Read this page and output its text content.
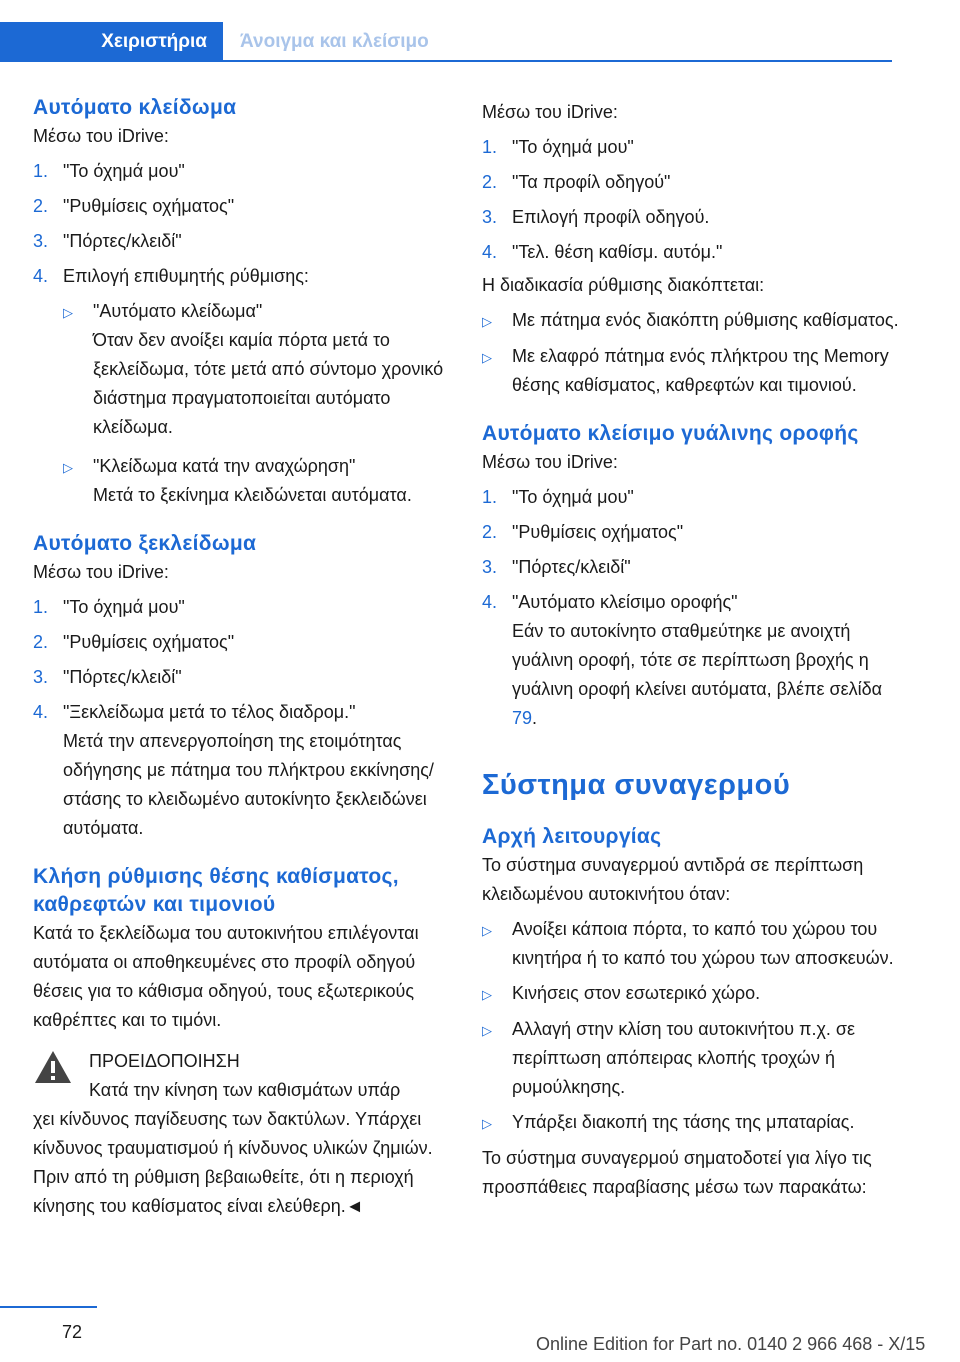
Χειριστήρια	Άνοιγμα και κλείσιμο
Αυτόματο κλείδωμα

Μέσω του iDrive:

1. "Το όχημά μου"
2. "Ρυθμίσεις οχήματος"
3. "Πόρτες/κλειδί"
4. Επιλογή επιθυμητής ρύθμισης:
▷	"Αυτόματο κλείδωμα"

Όταν δεν ανοίξει καμία πόρτα μετά το ξεκλείδωμα, τότε μετά από σύντομο χρονικό διάστημα πραγματοποιείται αυτόματο κλείδωμα.

▷	"Κλείδωμα κατά την αναχώρηση"

Μετά το ξεκίνημα κλειδώνεται αυτόματα.

Αυτόματο ξεκλείδωμα

Μέσω του iDrive:

1. "Το όχημά μου"
2. "Ρυθμίσεις οχήματος"
3. "Πόρτες/κλειδί"
4. "Ξεκλείδωμα μετά το τέλος διαδρομ."

Μετά την απενεργοποίηση της ετοιμότητας οδήγησης με πάτημα του πλήκτρου εκκίνησης/στάσης το κλειδωμένο αυτοκίνητο ξεκλειδώνει αυτόματα.

Κλήση ρύθμισης θέσης καθίσματος, καθρεφτών και τιμονιού

Κατά το ξεκλείδωμα του αυτοκινήτου επιλέγονται αυτόματα οι αποθηκευμένες στο προφίλ οδηγού θέσεις για το κάθισμα οδηγού, τους εξωτερικούς καθρέπτες και το τιμόνι.

ΠΡΟΕΙΔΟΠΟΙΗΣΗ

Κατά την κίνηση των καθισμάτων υπάρ

χει κίνδυνος παγίδευσης των δακτύλων. Υπάρχει κίνδυνος τραυματισμού ή κίνδυνος υλικών ζημιών. Πριν από τη ρύθμιση βεβαιωθείτε, ότι η περιοχή κίνησης του καθίσματος είναι ελεύθερη.◄

Μέσω του iDrive:

1. "Το όχημά μου"
2. "Τα προφίλ οδηγού"
3. Επιλογή προφίλ οδηγού.
4. "Τελ. θέση καθίσμ. αυτόμ."

Η διαδικασία ρύθμισης διακόπτεται:

▷	Με πάτημα ενός διακόπτη ρύθμισης καθίσματος.
▷	Με ελαφρό πάτημα ενός πλήκτρου της Memory θέσης καθίσματος, καθρεφτών και τιμονιού.
Αυτόματο κλείσιμο γυάλινης οροφής

Μέσω του iDrive:

1. "Το όχημά μου"
2. "Ρυθμίσεις οχήματος"
3. "Πόρτες/κλειδί"
4. "Αυτόματο κλείσιμο οροφής"

Εάν το αυτοκίνητο σταθμεύτηκε με ανοιχτή γυάλινη οροφή, τότε σε περίπτωση βροχής η γυάλινη οροφή κλείνει αυτόματα, βλέπε σελίδα 79.

Σύστημα συναγερμού
Αρχή λειτουργίας

Το σύστημα συναγερμού αντιδρά σε περίπτωση κλειδωμένου αυτοκινήτου όταν:

▷	Ανοίξει κάποια πόρτα, το καπό του χώρου του κινητήρα ή το καπό του χώρου των αποσκευών.
▷	Κινήσεις στον εσωτερικό χώρο.
▷	Αλλαγή στην κλίση του αυτοκινήτου π.χ. σε περίπτωση απόπειρας κλοπής τροχών ή ρυμούλκησης.
▷	Υπάρξει διακοπή της τάσης της μπαταρίας.

Το σύστημα συναγερμού σηματοδοτεί για λίγο τις προσπάθειες παραβίασης μέσω των παρακάτω:

72
Online Edition for Part no. 0140 2 966 468 - X/15
